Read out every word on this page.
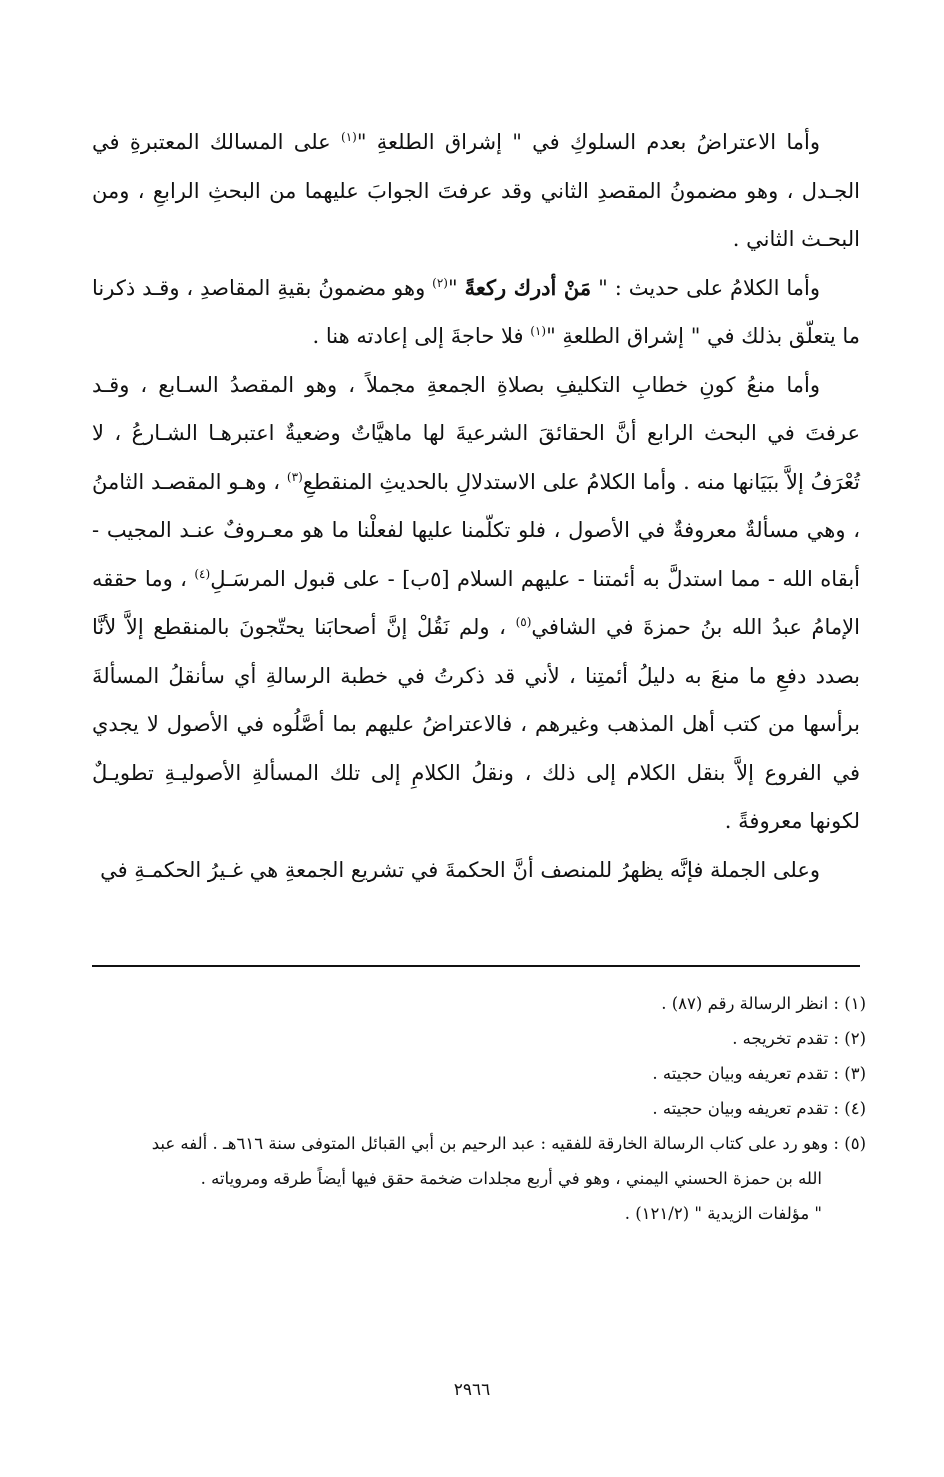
وأما الاعتراضُ بعدم السلوكِ في " إشراق الطلعةِ "$^{(١)}$ على المسالك المعتبرةِ في الجـدل ، وهو مضمونُ المقصدِ الثاني وقد عرفتَ الجوابَ عليهما من البحثِ الرابعِ ، ومن البحـث الثاني .

وأما الكلامُ على حديث : " مَنْ أدرك ركعةً "$^{(٢)}$ وهو مضمونُ بقيةِ المقاصدِ ، وقـد ذكرنا ما يتعلّق بذلك في " إشراق الطلعةِ "$^{(١)}$ فلا حاجةَ إلى إعادته هنا .

وأما منعُ كونِ خطابِ التكليفِ بصلاةِ الجمعةِ مجملاً ، وهو المقصدُ السـابع ، وقـد عرفتَ في البحث الرابع أنَّ الحقائقَ الشرعيةَ لها ماهيَّاتٌ وضعيةٌ اعتبرهـا الشـارعُ ، لا تُعْرَفُ إلاَّ ببَيَانها منه . وأما الكلامُ على الاستدلالِ بالحديثِ المنقطعِ$^{(٣)}$ ، وهـو المقصـد الثامنُ ، وهي مسألةٌ معروفةٌ في الأصول ، فلو تكلّمنا عليها لفعلْنا ما هو معـروفٌ عنـد المجيب - أبقاه الله - مما استدلَّ به أئمتنا - عليهم السلام [٥ب] - على قبول المرسَـلِ$^{(٤)}$ ، وما حققه الإمامُ عبدُ الله بنُ حمزةَ في الشافي$^{(٥)}$ ، ولم نَقُلْ إنَّ أصحابَنا يحتّجونَ بالمنقطع إلاَّ لأنَّا بصدد دفعِ ما منعَ به دليلُ أئمتِنا ، لأني قد ذكرتُ في خطبة الرسالةِ أي سأنقلُ المسألةَ برأسها من كتب أهل المذهب وغيرهم ، فالاعتراضُ عليهم بما أصَّلُوه في الأصول لا يجدي في الفروع إلاَّ بنقل الكلام إلى ذلك ، ونقلُ الكلامِ إلى تلك المسألةِ الأصوليـةِ تطويـلٌ لكونها معروفةً .

وعلى الجملة فإنَّه يظهرُ للمنصف أنَّ الحكمةَ في تشريع الجمعةِ هي غـيرُ الحكمـةِ في

(١) : انظر الرسالة رقم (٨٧) .

(٢) : تقدم تخريجه .

(٣) : تقدم تعريفه وبيان حجيته .

(٤) : تقدم تعريفه وبيان حجيته .

(٥) : وهو رد على كتاب الرسالة الخارقة للفقيه : عبد الرحيم بن أبي القبائل المتوفى سنة ٦١٦هـ . ألفه عبد
الله بن حمزة الحسني اليمني ، وهو في أربع مجلدات ضخمة حقق فيها أيضاً طرقه ومروياته .
" مؤلفات الزيدية " (١٢١/٢) .

٢٩٦٦
